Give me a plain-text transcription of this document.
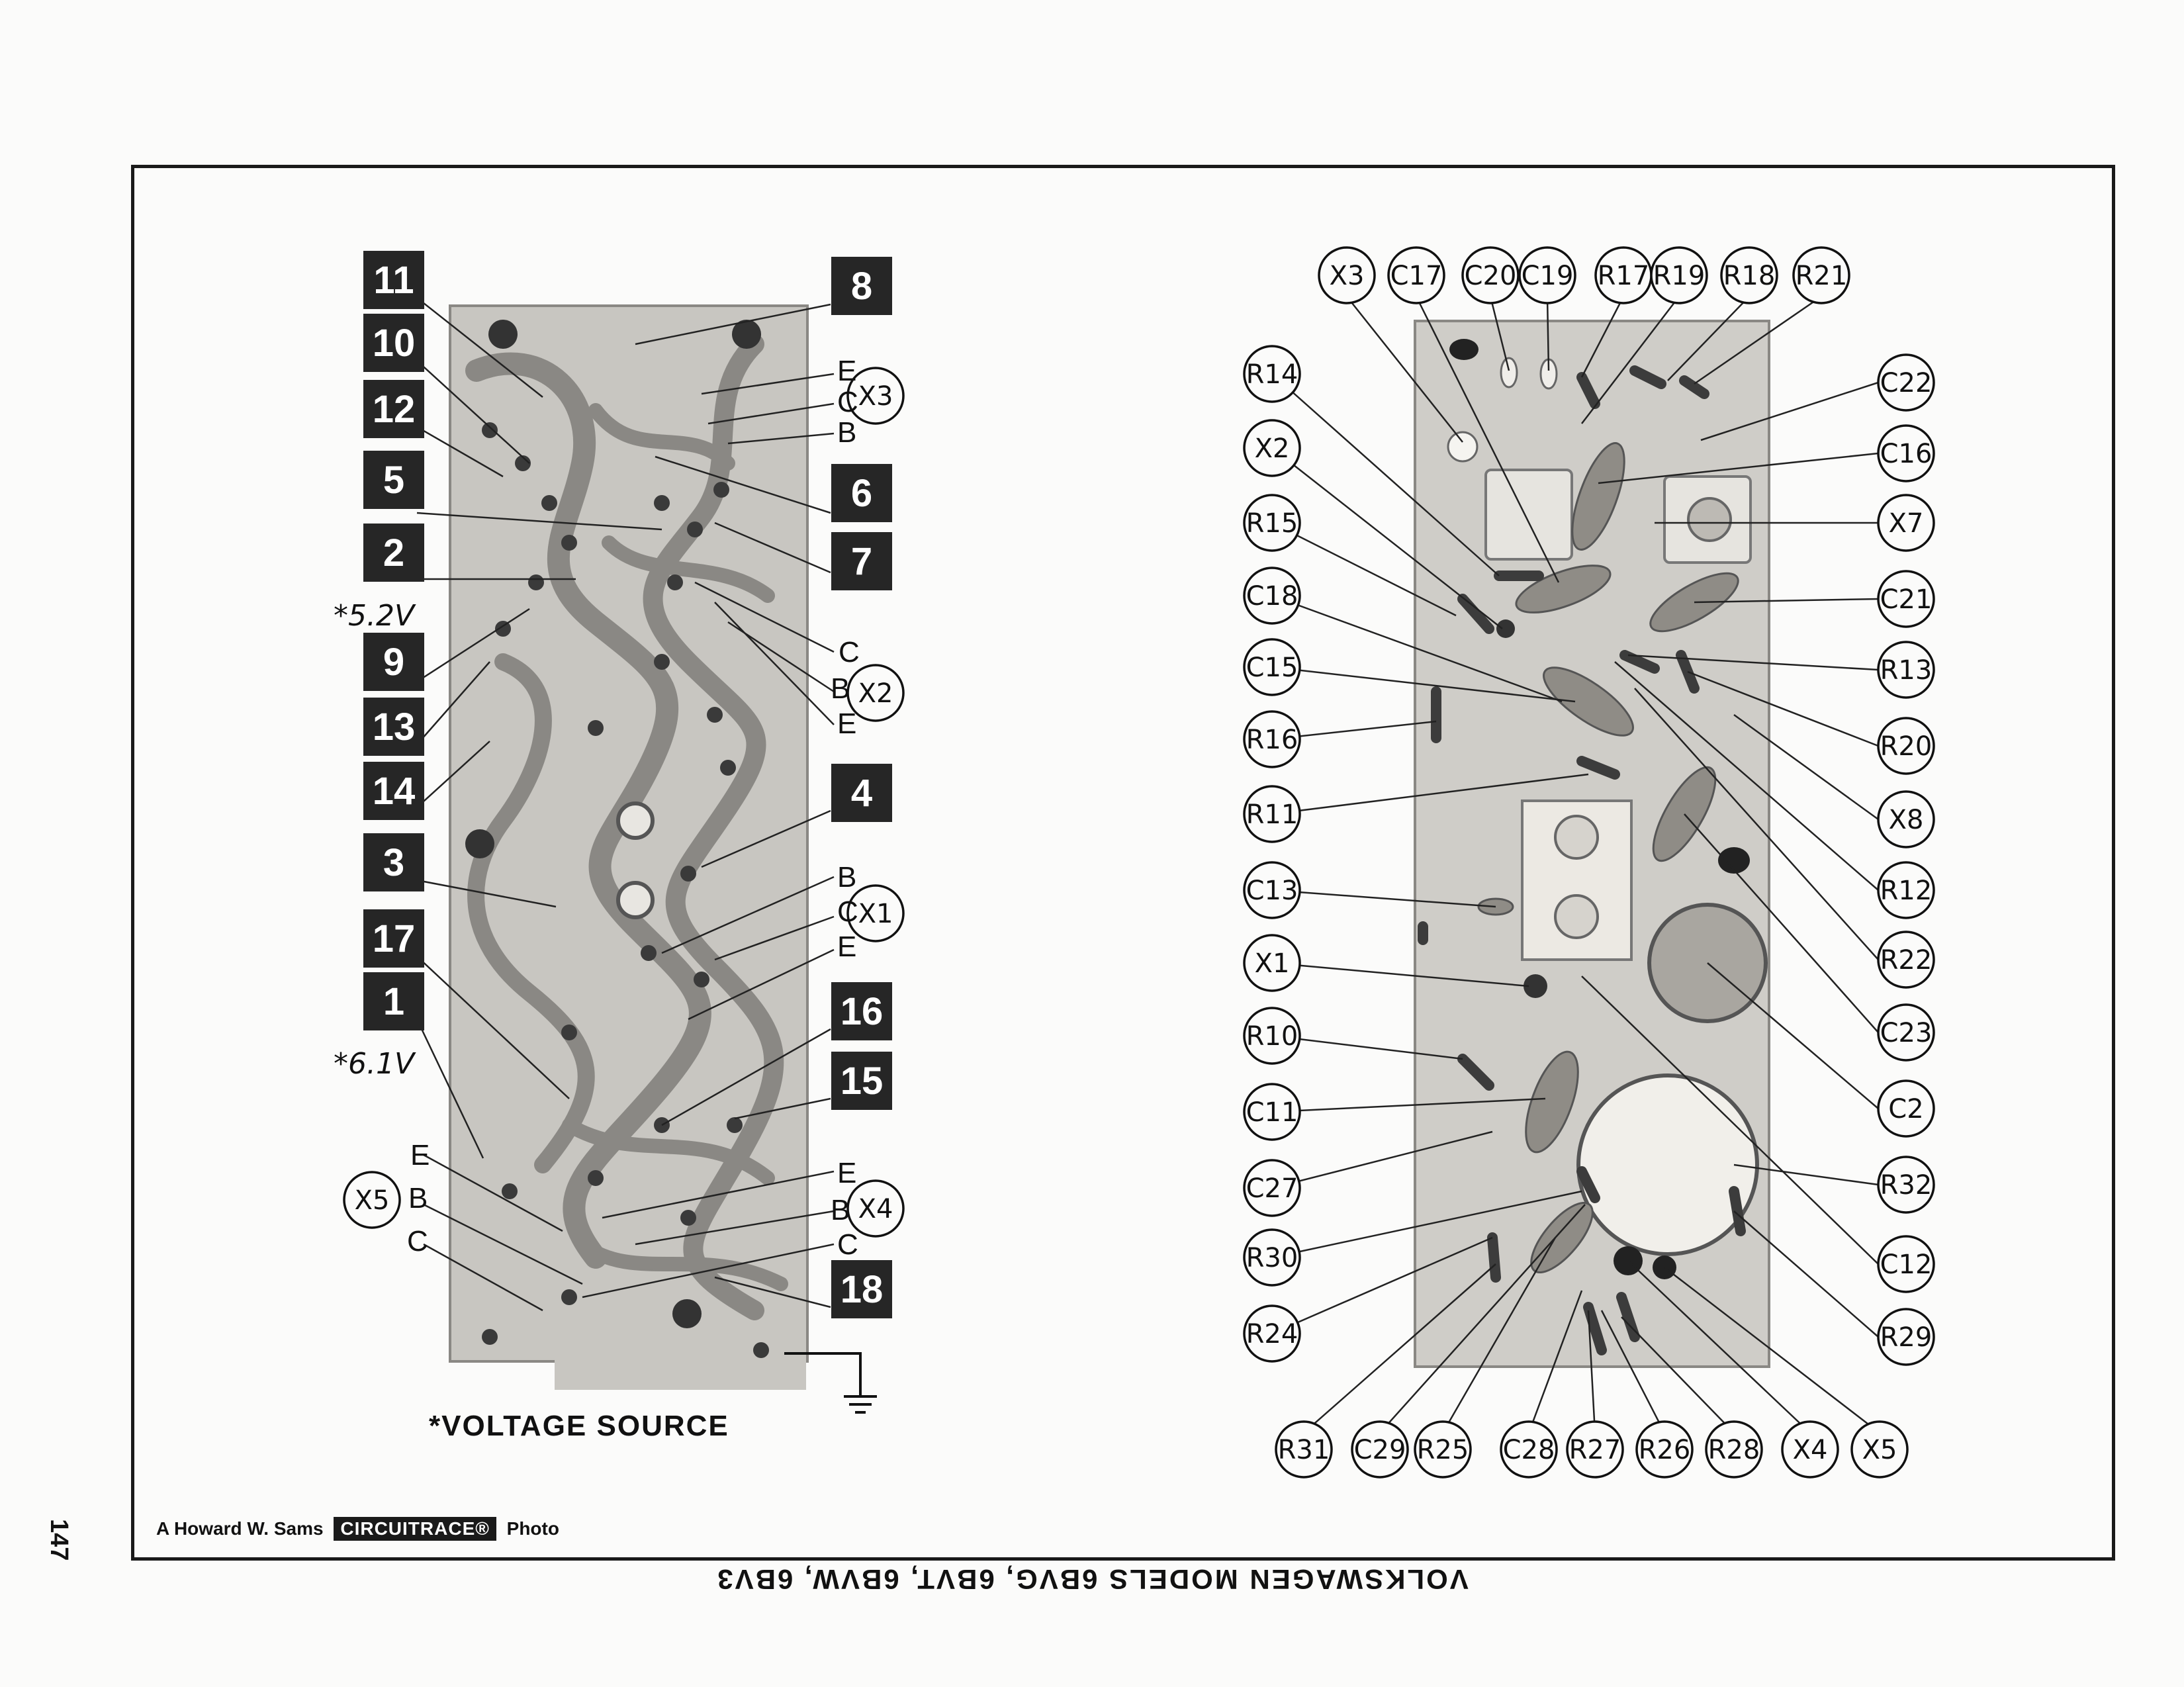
11
10
12
5
2
9
13
14
3
17
1
8
6
7
4
16
15
18
X3
X2
X1
X5	X4
X3 C17 C20 C19 R17 R19 R18 R21
R14
X2
R15
C18
C15
R16
R11
C13
X1
R10
C11
C27
R30
R24
C22
C16
X7
C21
R13
R20
X8
R12
R22
C23
C2
R32
C12
R29
R31 C29 R25 C28 R27 R26 R28 X4 X5
E
C
B
C
B
E
B
C
E
E
B
C
E
B
C
*5.2V
*6.1V
*VOLTAGE SOURCE
147	A Howard W. Sams CIRCUITRACE® Photo
VOLKSWAGEN MODELS 6BVG, 6BVT, 6BVW, 6BV3
